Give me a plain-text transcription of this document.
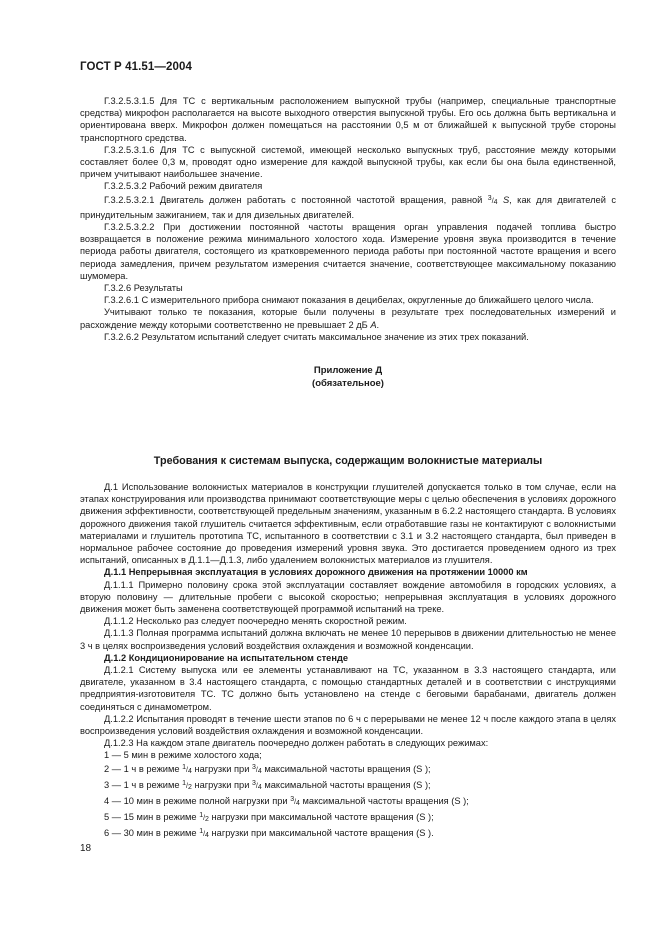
ГОСТ Р 41.51—2004

Г.3.2.5.3.1.5 Для ТС с вертикальным расположением выпускной трубы (например, специальные транспортные средства) микрофон располагается на высоте выходного отверстия выпускной трубы. Его ось должна быть вертикальна и ориентирована вверх. Микрофон должен помещаться на расстоянии 0,5 м от ближайшей к выпускной трубе стороны транспортного средства.

Г.3.2.5.3.1.6 Для ТС с выпускной системой, имеющей несколько выпускных труб, расстояние между которыми составляет более 0,3 м, проводят одно измерение для каждой выпускной трубы, как если бы она была единственной, причем учитывают наибольшее значение.

Г.3.2.5.3.2 Рабочий режим двигателя

Г.3.2.5.3.2.1 Двигатель должен работать с постоянной частотой вращения, равной $^3/_4$ S, как для двигателей с принудительным зажиганием, так и для дизельных двигателей.

Г.3.2.5.3.2.2 При достижении постоянной частоты вращения орган управления подачей топлива быстро возвращается в положение режима минимального холостого хода. Измерение уровня звука производится в течение периода работы двигателя, состоящего из кратковременного периода работы при постоянной частоте вращения и всего периода замедления, причем результатом измерения считается значение, соответствующее максимальному показанию шумомера.

Г.3.2.6 Результаты

Г.3.2.6.1 С измерительного прибора снимают показания в децибелах, округленные до ближайшего целого числа.

Учитывают только те показания, которые были получены в результате трех последовательных измерений и расхождение между которыми соответственно не превышает 2 дБ А.

Г.3.2.6.2 Результатом испытаний следует считать максимальное значение из этих трех показаний.

Приложение Д
(обязательное)
Требования к системам выпуска, содержащим волокнистые материалы

Д.1 Использование волокнистых материалов в конструкции глушителей допускается только в том случае, если на этапах конструирования или производства принимают соответствующие меры с целью обеспечения в условиях дорожного движения эффективности, соответствующей предельным значениям, указанным в 6.2.2 настоящего стандарта. В условиях дорожного движения такой глушитель считается эффективным, если отработавшие газы не контактируют с волокнистыми материалами и глушитель прототипа ТС, испытанного в соответствии с 3.1 и 3.2 настоящего стандарта, был приведен в нормальное рабочее состояние до проведения измерений уровня звука. Это достигается проведением одного из трех испытаний, описанных в Д.1.1—Д.1.3, либо удалением волокнистых материалов из глушителя.

Д.1.1 Непрерывная эксплуатация в условиях дорожного движения на протяжении 10000 км

Д.1.1.1 Примерно половину срока этой эксплуатации составляет вождение автомобиля в городских условиях, а вторую половину — длительные пробеги с высокой скоростью; непрерывная эксплуатация в условиях дорожного движения может быть заменена соответствующей программой испытаний на треке.

Д.1.1.2 Несколько раз следует поочередно менять скоростной режим.

Д.1.1.3 Полная программа испытаний должна включать не менее 10 перерывов в движении длительностью не менее 3 ч в целях воспроизведения условий воздействия охлаждения и возможной конденсации.

Д.1.2 Кондиционирование на испытательном стенде

Д.1.2.1 Систему выпуска или ее элементы устанавливают на ТС, указанном в 3.3 настоящего стандарта, или двигателе, указанном в 3.4 настоящего стандарта, с помощью стандартных деталей и в соответствии с инструкциями предприятия-изготовителя ТС. ТС должно быть установлено на стенде с беговыми барабанами, двигатель должен соединяться с динамометром.

Д.1.2.2 Испытания проводят в течение шести этапов по 6 ч с перерывами не менее 12 ч после каждого этапа в целях воспроизведения условий воздействия охлаждения и возможной конденсации.

Д.1.2.3 На каждом этапе двигатель поочередно должен работать в следующих режимах:

1 — 5 мин в режиме холостого хода;

2 — 1 ч в режиме $^1/_4$ нагрузки при $^3/_4$ максимальной частоты вращения (S );

3 — 1 ч в режиме $^1/_2$ нагрузки при $^3/_4$ максимальной частоты вращения (S );

4 — 10 мин в режиме полной нагрузки при $^3/_4$ максимальной частоты вращения (S );

5 — 15 мин в режиме $^1/_2$ нагрузки при максимальной частоте вращения (S );

6 — 30 мин в режиме $^1/_4$ нагрузки при максимальной частоте вращения (S ).

18
